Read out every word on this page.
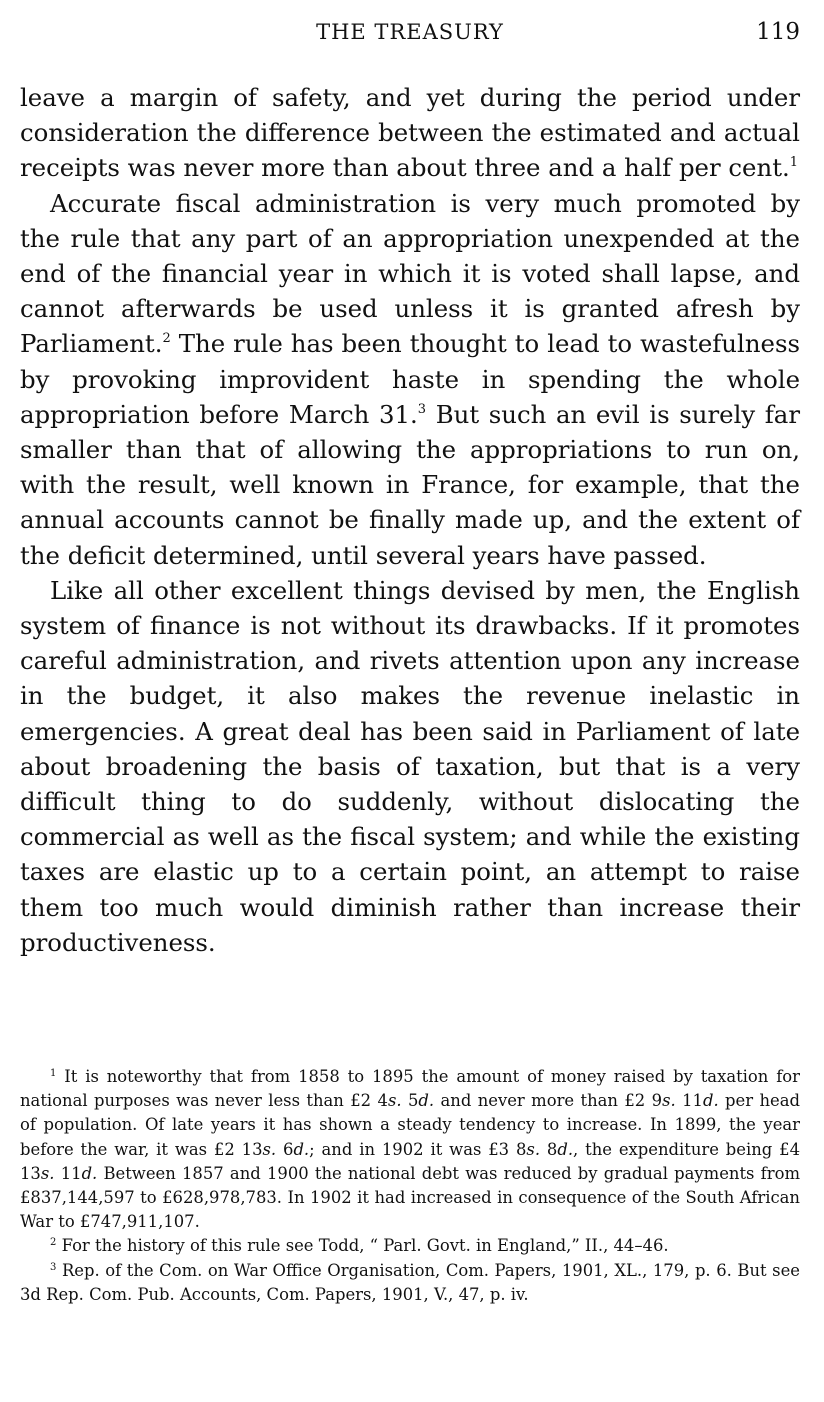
THE TREASURY	119

leave a margin of safety, and yet during the period under consideration the difference between the estimated and actual receipts was never more than about three and a half per cent.$^1$

Accurate fiscal administration is very much promoted by the rule that any part of an appropriation unexpended at the end of the financial year in which it is voted shall lapse, and cannot afterwards be used unless it is granted afresh by Parliament.$^2$ The rule has been thought to lead to wastefulness by provoking improvident haste in spending the whole appropriation before March 31.$^3$ But such an evil is surely far smaller than that of allowing the appropriations to run on, with the result, well known in France, for example, that the annual accounts cannot be finally made up, and the extent of the deficit determined, until several years have passed.

Like all other excellent things devised by men, the English system of finance is not without its drawbacks. If it promotes careful administration, and rivets attention upon any increase in the budget, it also makes the revenue inelastic in emergencies. A great deal has been said in Parliament of late about broadening the basis of taxation, but that is a very difficult thing to do suddenly, without dislocating the commercial as well as the fiscal system; and while the existing taxes are elastic up to a certain point, an attempt to raise them too much would diminish rather than increase their productiveness.

$^1$ It is noteworthy that from 1858 to 1895 the amount of money raised by taxation for national purposes was never less than £2 4s. 5d. and never more than £2 9s. 11d. per head of population. Of late years it has shown a steady tendency to increase. In 1899, the year before the war, it was £2 13s. 6d.; and in 1902 it was £3 8s. 8d., the expenditure being £4 13s. 11d. Between 1857 and 1900 the national debt was reduced by gradual payments from £837,144,597 to £628,978,783. In 1902 it had increased in consequence of the South African War to £747,911,107.

$^2$ For the history of this rule see Todd, “ Parl. Govt. in England,” II., 44–46.

$^3$ Rep. of the Com. on War Office Organisation, Com. Papers, 1901, XL., 179, p. 6. But see 3d Rep. Com. Pub. Accounts, Com. Papers, 1901, V., 47, p. iv.
